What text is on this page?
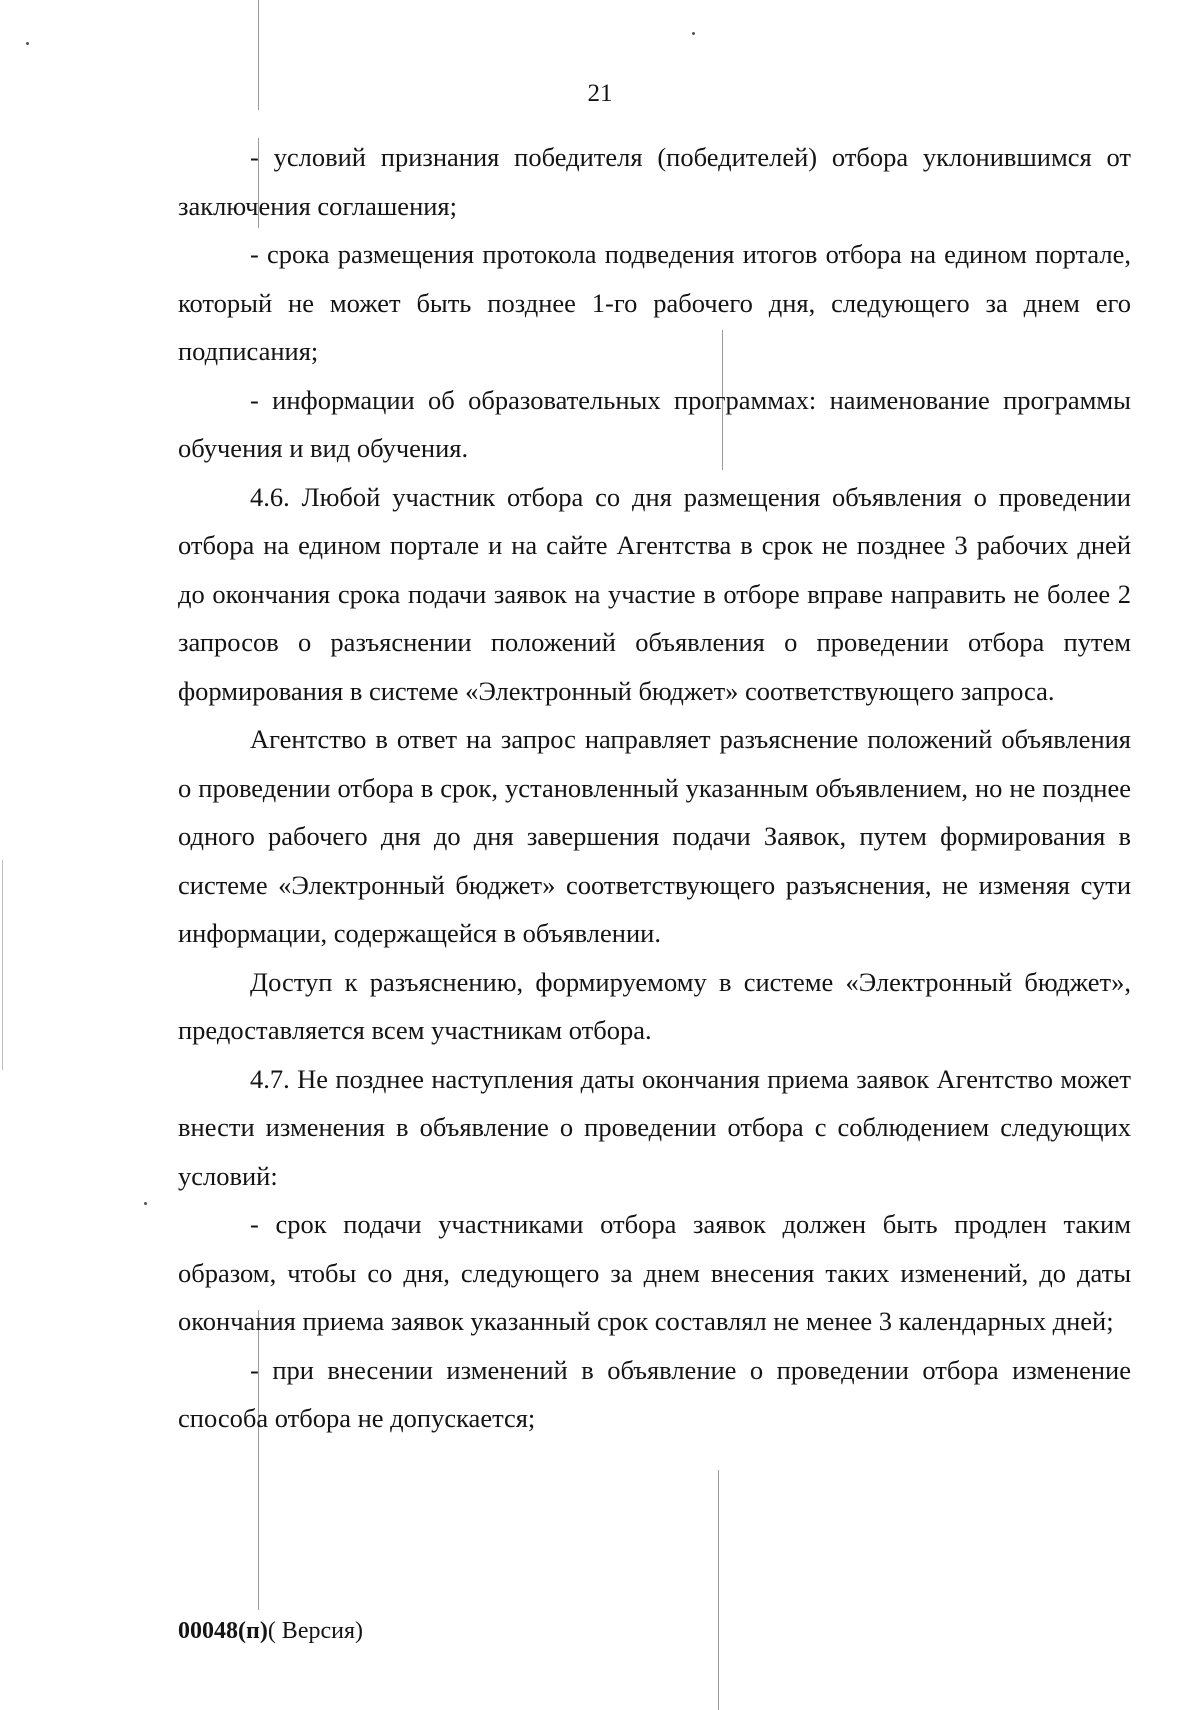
21

- условий признания победителя (победителей) отбора уклонившимся от заключения соглашения;

- срока размещения протокола подведения итогов отбора на едином портале, который не может быть позднее 1-го рабочего дня, следующего за днем его подписания;

- информации об образовательных программах: наименование программы обучения и вид обучения.

4.6. Любой участник отбора со дня размещения объявления о проведении отбора на едином портале и на сайте Агентства в срок не позднее 3 рабочих дней до окончания срока подачи заявок на участие в отборе вправе направить не более 2 запросов о разъяснении положений объявления о проведении отбора путем формирования в системе «Электронный бюджет» соответствующего запроса.

Агентство в ответ на запрос направляет разъяснение положений объявления о проведении отбора в срок, установленный указанным объявлением, но не позднее одного рабочего дня до дня завершения подачи Заявок, путем формирования в системе «Электронный бюджет» соответствующего разъяснения, не изменяя сути информации, содержащейся в объявлении.

Доступ к разъяснению, формируемому в системе «Электронный бюджет», предоставляется всем участникам отбора.

4.7. Не позднее наступления даты окончания приема заявок Агентство может внести изменения в объявление о проведении отбора с соблюдением следующих условий:

- срок подачи участниками отбора заявок должен быть продлен таким образом, чтобы со дня, следующего за днем внесения таких изменений, до даты окончания приема заявок указанный срок составлял не менее 3 календарных дней;

- при внесении изменений в объявление о проведении отбора изменение способа отбора не допускается;

00048(п)( Версия)
